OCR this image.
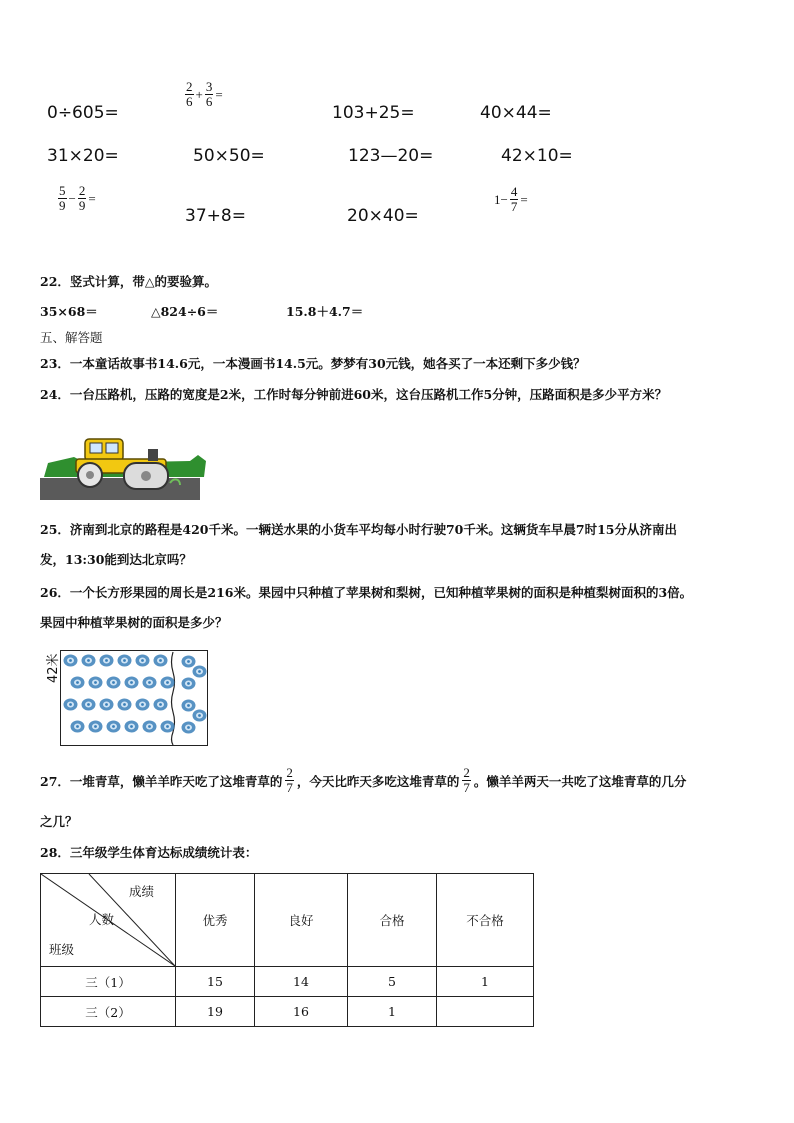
0÷605=
$\frac{2}{6} + \frac{3}{6}$ =
103+25=	40×44=
31×20=	50×50=	123—20=	42×10=
$\frac{5}{9} - \frac{2}{9}$ =
37+8=	20×40=
$1- \frac{4}{7}$ =
22．竖式计算，带△的要验算。
35×68＝	△824÷6＝	15.8＋4.7＝
五、解答题
23．一本童话故事书14.6元，一本漫画书14.5元。梦梦有30元钱，她各买了一本还剩下多少钱？
24．一台压路机，压路的宽度是2米，工作时每分钟前进60米，这台压路机工作5分钟，压路面积是多少平方米？
25．济南到北京的路程是420千米。一辆送水果的小货车平均每小时行驶70千米。这辆货车早晨7时15分从济南出
发，13:30能到达北京吗？
26．一个长方形果园的周长是216米。果园中只种植了苹果树和梨树，已知种植苹果树的面积是种植梨树面积的3倍。
果园中种植苹果树的面积是多少？
42米
27．一堆青草，懒羊羊昨天吃了这堆青草的
2
7 ，今天比昨天多吃这堆青草的
2
7 。懒羊羊两天一共吃了这堆青草的几分
之几？
28．三年级学生体育达标成绩统计表：
成绩
人数
班级	优秀	良好	合格	不合格
三（1）	15	14	5	1
三（2）	19	16	1	
